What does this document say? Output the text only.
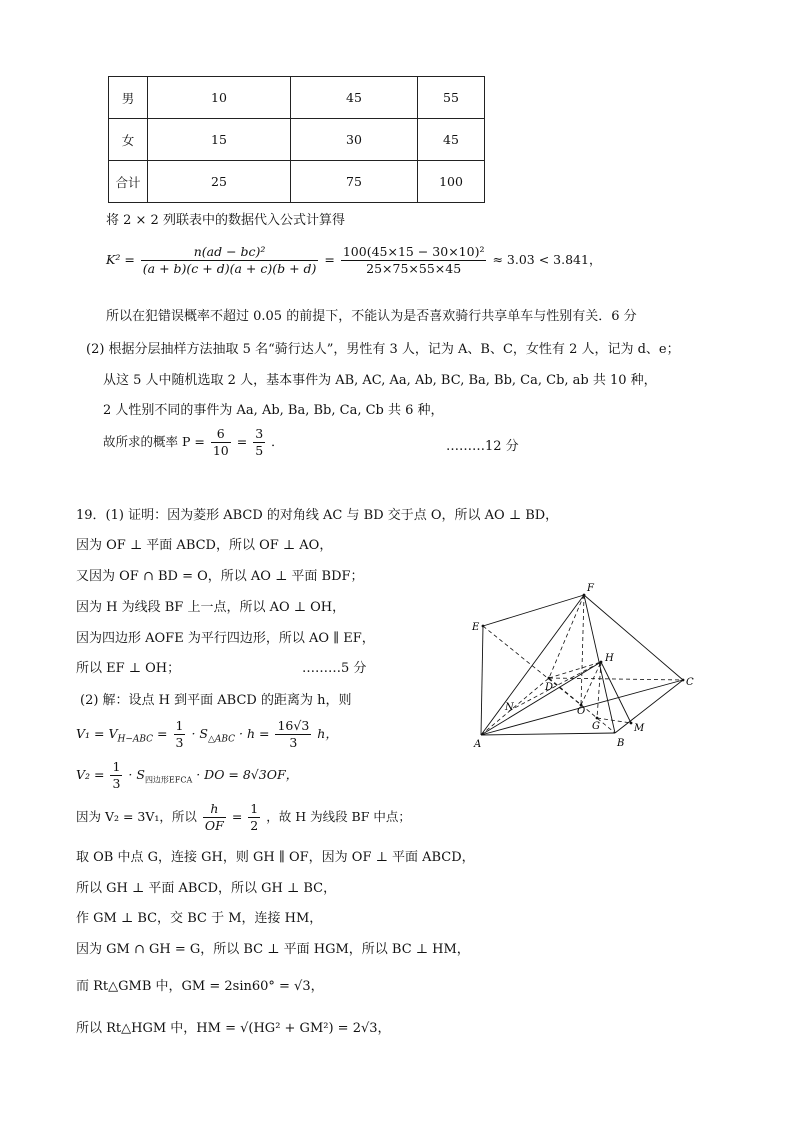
男	10	45	55
女	15	30	45
合计	25	75	100
将 2 × 2 列联表中的数据代入公式计算得
$K^2 = \frac{\text{n(ad − bc)²}}{(a + b)(c + d)(a + c)(b + d)} = \frac{\text{100(45×15 − 30×10)²}}{25\times 75\times 55\times 45} \approx 3.03 < 3.841$，
所以在犯错误概率不超过 0.05 的前提下，不能认为是否喜欢骑行共享单车与性别有关．6 分
(2) 根据分层抽样方法抽取 5 名“骑行达人”，男性有 3 人，记为 A、B、C，女性有 2 人，记为 d、e；
从这 5 人中随机选取 2 人，基本事件为 AB, AC, Aa, Ab, BC, Ba, Bb, Ca, Cb, ab 共 10 种，
2 人性别不同的事件为 Aa, Ab, Ba, Bb, Ca, Cb 共 6 种，
故所求的概率 $P = \frac{6}{10} = \frac{3}{5}$ ．	………12 分
19．(1) 证明：因为菱形 ABCD 的对角线 AC 与 BD 交于点 O，所以 AO ⊥ BD，
因为 OF ⊥ 平面 ABCD，所以 OF ⊥ AO，
又因为 OF ∩ BD = O，所以 AO ⊥ 平面 BDF；
因为 H 为线段 BF 上一点，所以 AO ⊥ OH，
因为四边形 AOFE 为平行四边形，所以 AO ∥ EF，
所以 EF ⊥ OH；	………5 分
(2) 解：设点 H 到平面 ABCD 的距离为 h，则
$V_1 = V_{H-ABC} = \frac{1}{3} \cdot S_{\triangle ABC} \cdot h = \frac{16√3}{3}$ h，
$V_2 = \frac{1}{3} \cdot S_{四边形EFCA}$ · DO = 8√3OF，
因为 V₂ = 3V₁，所以 $\frac{h}{OF} = \frac{1}{2}$ ，故 H 为线段 BF 中点；
取 OB 中点 G，连接 GH，则 GH ∥ OF，因为 OF ⊥ 平面 ABCD，
所以 GH ⊥ 平面 ABCD，所以 GH ⊥ BC，
作 GM ⊥ BC，交 BC 于 M，连接 HM，
因为 GM ∩ GH = G，所以 BC ⊥ 平面 HGM，所以 BC ⊥ HM，
而 Rt△GMB 中，GM = 2sin60° = √3，
所以 Rt△HGM 中，HM = √(HG² + GM²) = 2√3，
F
E
H
C
D
N	O
G	M
A	B
